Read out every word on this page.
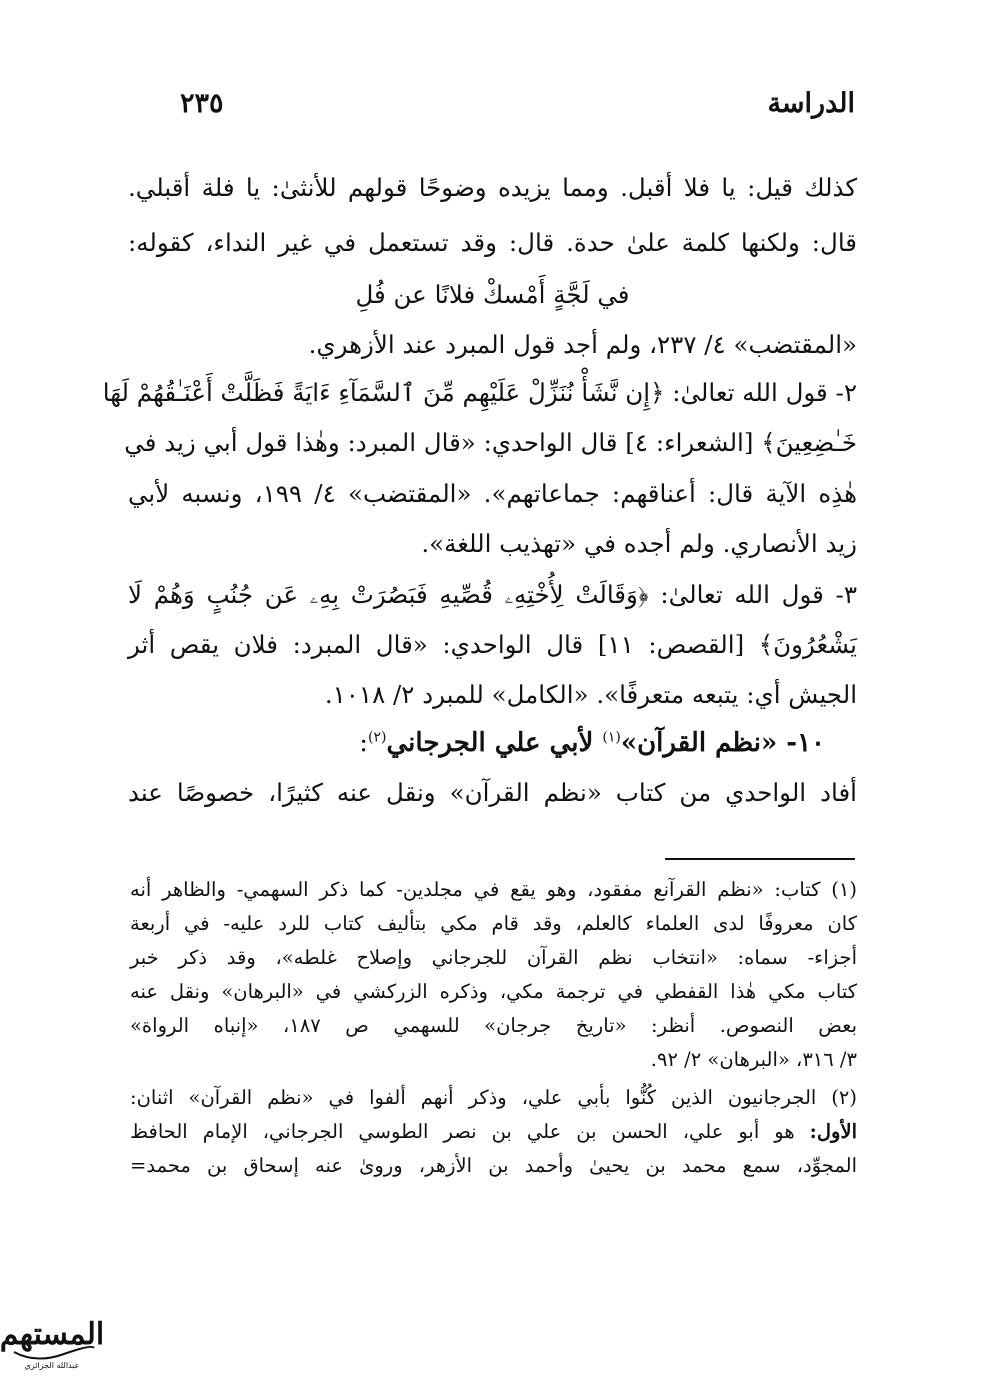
الدراسة
٢٣٥
كذلك قيل: يا فلا أقبل. ومما يزيده وضوحًا قولهم للأنثىٰ: يا فلة أقبلي.
قال: ولكنها كلمة علىٰ حدة. قال: وقد تستعمل في غير النداء، كقوله:
في لَجَّةٍ أَمْسكْ فلانًا عن فُلِ
«المقتضب» ٤/ ٢٣٧، ولم أجد قول المبرد عند الأزهري.
٢- قول الله تعالىٰ: ﴿إِن نَّشَأْ نُنَزِّلْ عَلَيْهِم مِّنَ ٱلسَّمَآءِ ءَايَةً فَظَلَّتْ أَعْنَـٰقُهُمْ لَهَا
خَـٰضِعِينَ﴾ [الشعراء: ٤] قال الواحدي: «قال المبرد: وهٰذا قول أبي زيد في
هٰذِه الآية قال: أعناقهم: جماعاتهم». «المقتضب» ٤/ ١٩٩، ونسبه لأبي
زيد الأنصاري. ولم أجده في «تهذيب اللغة».
٣- قول الله تعالىٰ: ﴿وَقَالَتْ لِأُخْتِهِۦ قُصِّيهِ فَبَصُرَتْ بِهِۦ عَن جُنُبٍ وَهُمْ لَا
يَشْعُرُونَ﴾ [القصص: ١١] قال الواحدي: «قال المبرد: فلان يقص أثر
الجيش أي: يتبعه متعرفًا». «الكامل» للمبرد ٢/ ١٠١٨.
١٠- «نظم القرآن»$^{(١)}$ لأبي علي الجرجاني$^{(٢)}$:
أفاد الواحدي من كتاب «نظم القرآن» ونقل عنه كثيرًا، خصوصًا عند
(١) كتاب: «نظم القرآنع مفقود، وهو يقع في مجلدين- كما ذكر السهمي- والظاهر أنه
كان معروفًا لدى العلماء كالعلم، وقد قام مكي بتأليف كتاب للرد عليه- في أربعة
أجزاء- سماه: «انتخاب نظم القرآن للجرجاني وإصلاح غلطه»، وقد ذكر خبر
كتاب مكي هٰذا القفطي في ترجمة مكي، وذكره الزركشي في «البرهان» ونقل عنه
بعض النصوص. أنظر: «تاريخ جرجان» للسهمي ص ١٨٧، «إنباه الرواة»
٣/ ٣١٦، «البرهان» ٢/ ٩٢.
(٢) الجرجانيون الذين كُنُّوا بأبي علي، وذكر أنهم ألفوا في «نظم القرآن» اثنان:
الأول: هو أبو علي، الحسن بن علي بن نصر الطوسي الجرجاني، الإمام الحافظ
المجوِّد، سمع محمد بن يحيىٰ وأحمد بن الأزهر، وروىٰ عنه إسحاق بن محمد=
المستهم
عبدالله الجزائري
